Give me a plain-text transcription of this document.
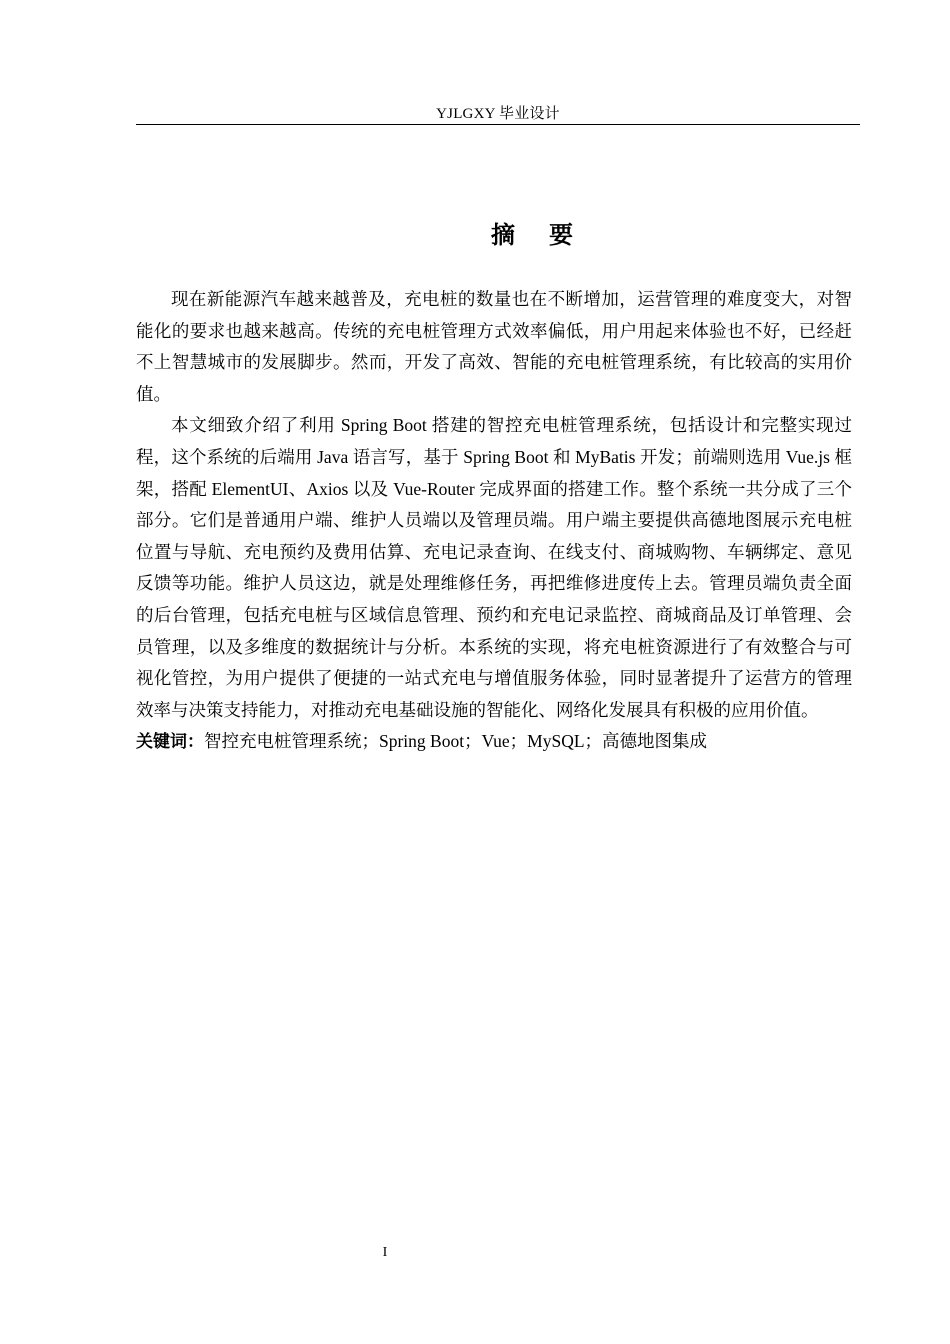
YJLGXY 毕业设计
摘 要

现在新能源汽车越来越普及，充电桩的数量也在不断增加，运营管理的难度变大，对智能化的要求也越来越高。传统的充电桩管理方式效率偏低，用户用起来体验也不好，已经赶不上智慧城市的发展脚步。然而，开发了高效、智能的充电桩管理系统，有比较高的实用价值。

本文细致介绍了利用 Spring Boot 搭建的智控充电桩管理系统，包括设计和完整实现过程，这个系统的后端用 Java 语言写，基于 Spring Boot 和 MyBatis 开发；前端则选用 Vue.js 框架，搭配 ElementUI、Axios 以及 Vue-Router 完成界面的搭建工作。整个系统一共分成了三个部分。它们是普通用户端、维护人员端以及管理员端。用户端主要提供高德地图展示充电桩位置与导航、充电预约及费用估算、充电记录查询、在线支付、商城购物、车辆绑定、意见反馈等功能。维护人员这边，就是处理维修任务，再把维修进度传上去。管理员端负责全面的后台管理，包括充电桩与区域信息管理、预约和充电记录监控、商城商品及订单管理、会员管理，以及多维度的数据统计与分析。本系统的实现，将充电桩资源进行了有效整合与可视化管控，为用户提供了便捷的一站式充电与增值服务体验，同时显著提升了运营方的管理效率与决策支持能力，对推动充电基础设施的智能化、网络化发展具有积极的应用价值。

关键词：智控充电桩管理系统；Spring Boot；Vue；MySQL；高德地图集成

I
